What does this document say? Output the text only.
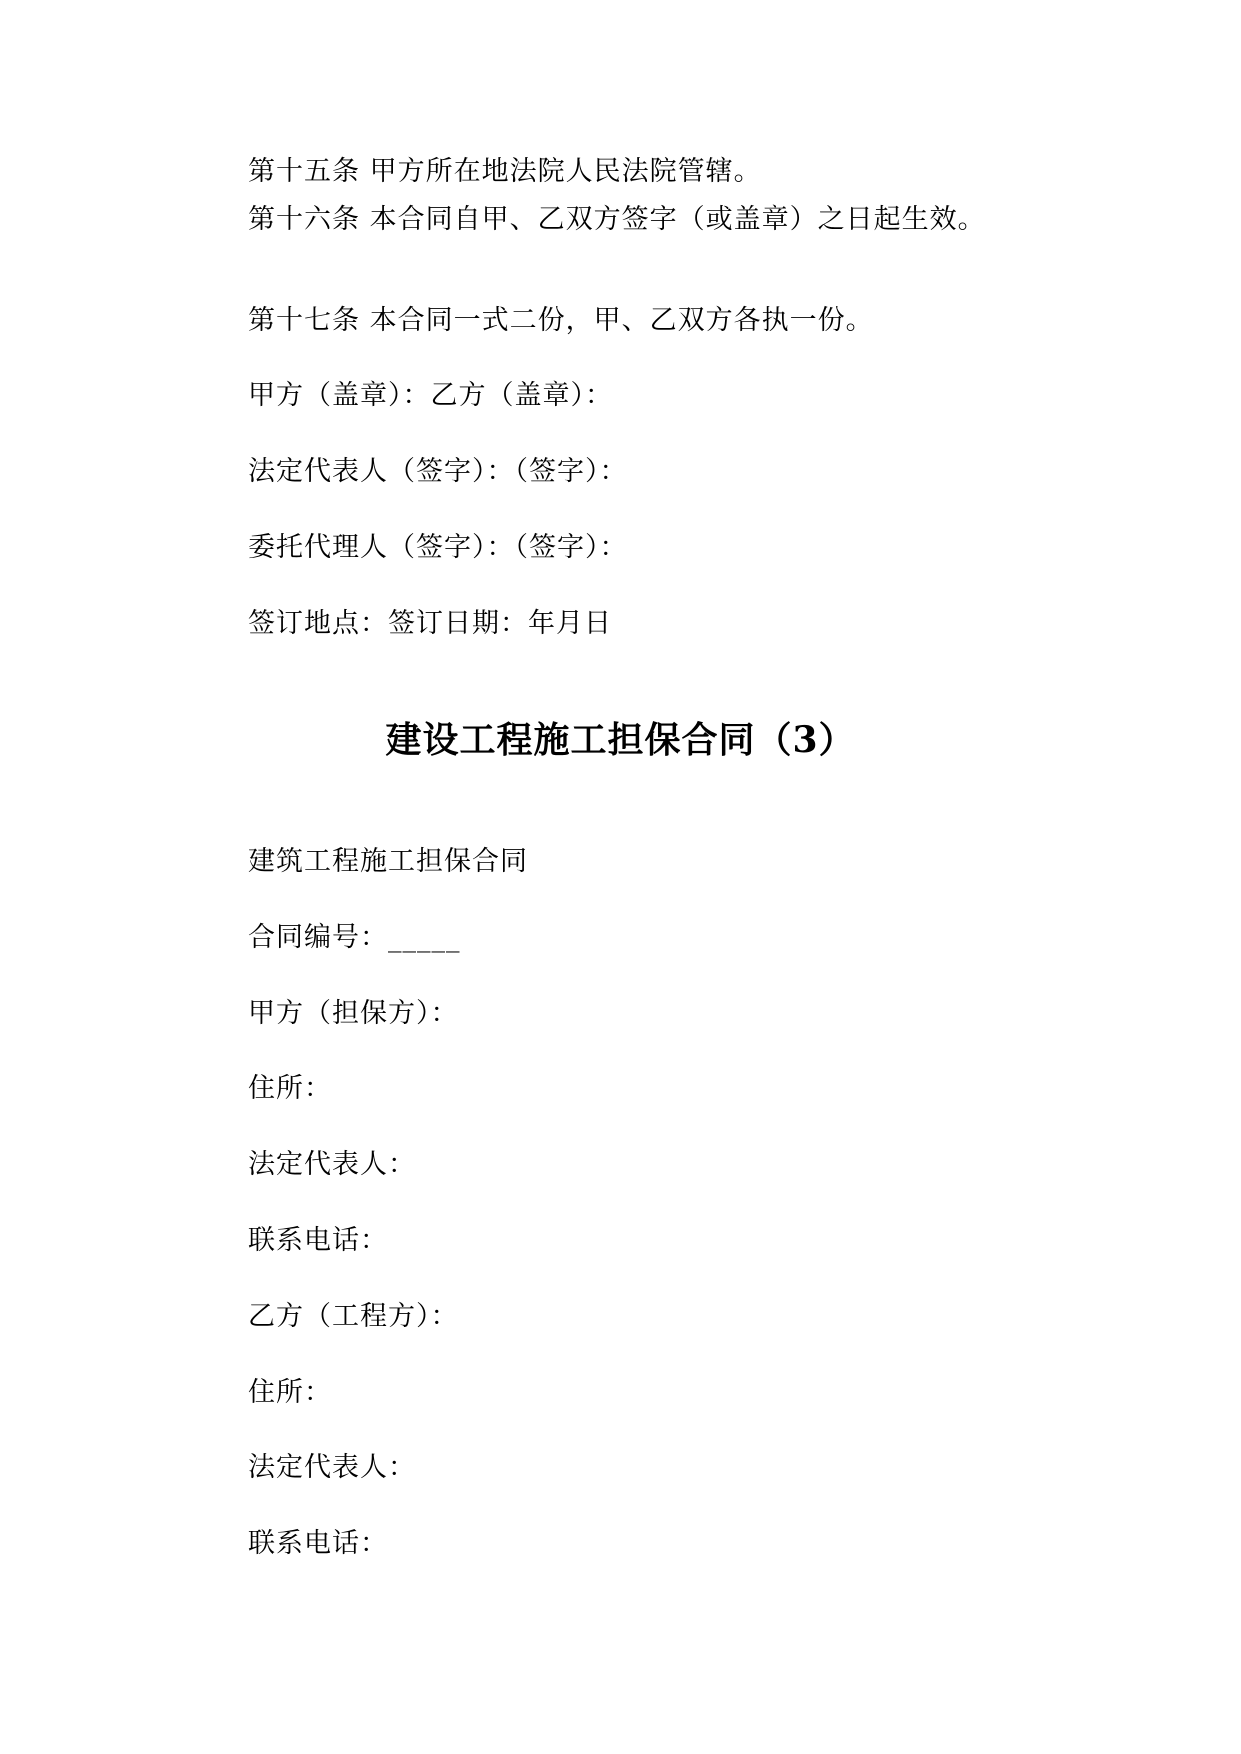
第十五条 甲方所在地法院人民法院管辖。
第十六条 本合同自甲、乙双方签字（或盖章）之日起生效。
第十七条 本合同一式二份，甲、乙双方各执一份。
甲方（盖章）：乙方（盖章）：
法定代表人（签字）：（签字）：
委托代理人（签字）：（签字）：
签订地点：签订日期：年月日
建设工程施工担保合同（3）
建筑工程施工担保合同
合同编号：_____
甲方（担保方）：
住所：
法定代表人：
联系电话：
乙方（工程方）：
住所：
法定代表人：
联系电话：
